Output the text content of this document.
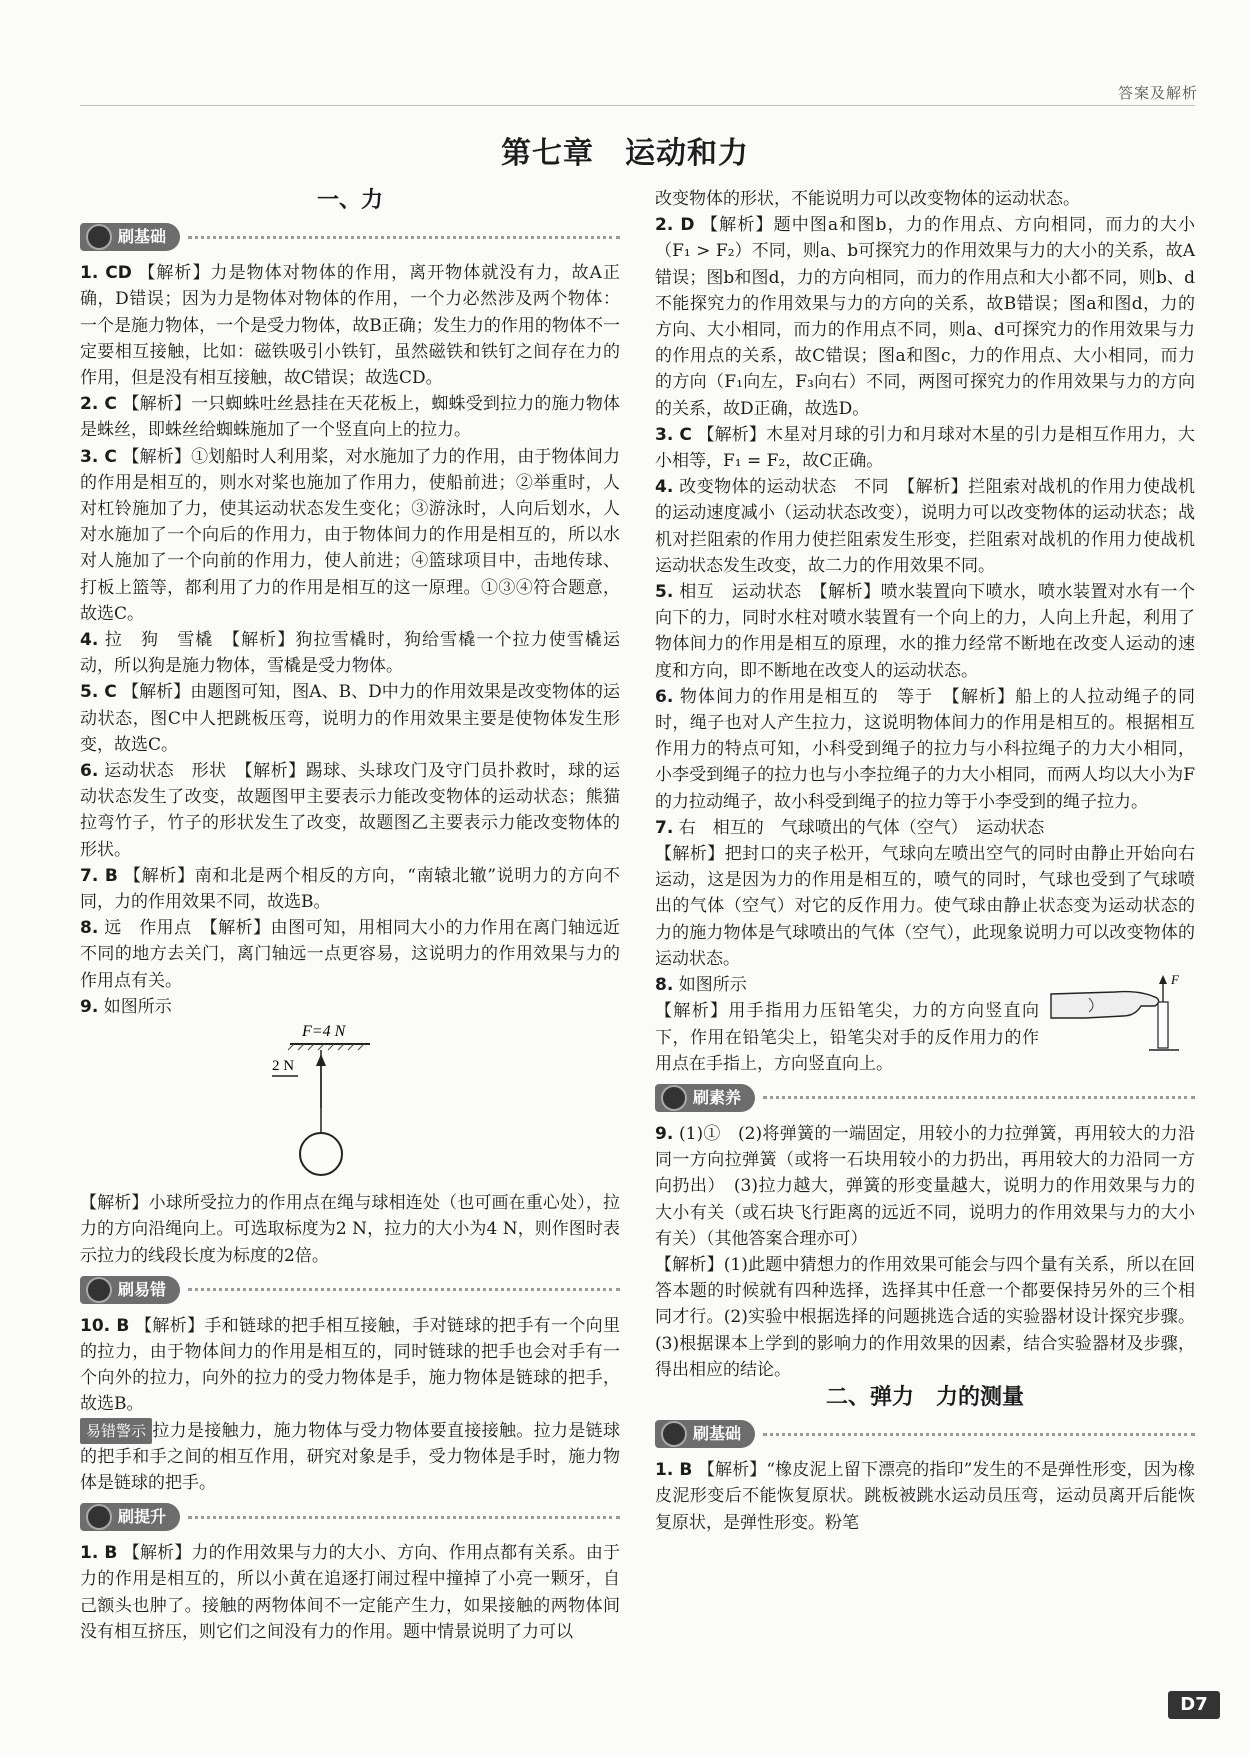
答案及解析
第七章　运动和力
一、力
刷基础

1. CD 【解析】力是物体对物体的作用，离开物体就没有力，故A正确，D错误；因为力是物体对物体的作用，一个力必然涉及两个物体：一个是施力物体，一个是受力物体，故B正确；发生力的作用的物体不一定要相互接触，比如：磁铁吸引小铁钉，虽然磁铁和铁钉之间存在力的作用，但是没有相互接触，故C错误；故选CD。

2. C 【解析】一只蜘蛛吐丝悬挂在天花板上，蜘蛛受到拉力的施力物体是蛛丝，即蛛丝给蜘蛛施加了一个竖直向上的拉力。

3. C 【解析】①划船时人利用桨，对水施加了力的作用，由于物体间力的作用是相互的，则水对桨也施加了作用力，使船前进；②举重时，人对杠铃施加了力，使其运动状态发生变化；③游泳时，人向后划水，人对水施加了一个向后的作用力，由于物体间力的作用是相互的，所以水对人施加了一个向前的作用力，使人前进；④篮球项目中，击地传球、打板上篮等，都利用了力的作用是相互的这一原理。①③④符合题意，故选C。

4. 拉　狗　雪橇　【解析】狗拉雪橇时，狗给雪橇一个拉力使雪橇运动，所以狗是施力物体，雪橇是受力物体。

5. C 【解析】由题图可知，图A、B、D中力的作用效果是改变物体的运动状态，图C中人把跳板压弯，说明力的作用效果主要是使物体发生形变，故选C。

6. 运动状态　形状　【解析】踢球、头球攻门及守门员扑救时，球的运动状态发生了改变，故题图甲主要表示力能改变物体的运动状态；熊猫拉弯竹子，竹子的形状发生了改变，故题图乙主要表示力能改变物体的形状。

7. B 【解析】南和北是两个相反的方向，“南辕北辙”说明力的方向不同，力的作用效果不同，故选B。

8. 远　作用点　【解析】由图可知，用相同大小的力作用在离门轴远近不同的地方去关门，离门轴远一点更容易，这说明力的作用效果与力的作用点有关。

9. 如图所示

F=4 N
2 N

【解析】小球所受拉力的作用点在绳与球相连处（也可画在重心处），拉力的方向沿绳向上。可选取标度为2 N，拉力的大小为4 N，则作图时表示拉力的线段长度为标度的2倍。

刷易错

10. B 【解析】手和链球的把手相互接触，手对链球的把手有一个向里的拉力，由于物体间力的作用是相互的，同时链球的把手也会对手有一个向外的拉力，向外的拉力的受力物体是手，施力物体是链球的把手，故选B。

易错警示 拉力是接触力，施力物体与受力物体要直接接触。拉力是链球的把手和手之间的相互作用，研究对象是手，受力物体是手时，施力物体是链球的把手。

刷提升

1. B 【解析】力的作用效果与力的大小、方向、作用点都有关系。由于力的作用是相互的，所以小黄在追逐打闹过程中撞掉了小亮一颗牙，自己额头也肿了。接触的两物体间不一定能产生力，如果接触的两物体间没有相互挤压，则它们之间没有力的作用。题中情景说明了力可以

改变物体的形状，不能说明力可以改变物体的运动状态。

2. D 【解析】题中图a和图b，力的作用点、方向相同，而力的大小（F₁ > F₂）不同，则a、b可探究力的作用效果与力的大小的关系，故A错误；图b和图d，力的方向相同，而力的作用点和大小都不同，则b、d不能探究力的作用效果与力的方向的关系，故B错误；图a和图d，力的方向、大小相同，而力的作用点不同，则a、d可探究力的作用效果与力的作用点的关系，故C错误；图a和图c，力的作用点、大小相同，而力的方向（F₁向左，F₃向右）不同，两图可探究力的作用效果与力的方向的关系，故D正确，故选D。

3. C 【解析】木星对月球的引力和月球对木星的引力是相互作用力，大小相等，F₁ = F₂，故C正确。

4. 改变物体的运动状态　不同　【解析】拦阻索对战机的作用力使战机的运动速度减小（运动状态改变），说明力可以改变物体的运动状态；战机对拦阻索的作用力使拦阻索发生形变，拦阻索对战机的作用力使战机运动状态发生改变，故二力的作用效果不同。

5. 相互　运动状态　【解析】喷水装置向下喷水，喷水装置对水有一个向下的力，同时水柱对喷水装置有一个向上的力，人向上升起，利用了物体间力的作用是相互的原理，水的推力经常不断地在改变人运动的速度和方向，即不断地在改变人的运动状态。

6. 物体间力的作用是相互的　等于　【解析】船上的人拉动绳子的同时，绳子也对人产生拉力，这说明物体间力的作用是相互的。根据相互作用力的特点可知，小科受到绳子的拉力与小科拉绳子的力大小相同，小李受到绳子的拉力也与小李拉绳子的力大小相同，而两人均以大小为F的力拉动绳子，故小科受到绳子的拉力等于小李受到的绳子拉力。

7. 右　相互的　气球喷出的气体（空气）　运动状态

【解析】把封口的夹子松开，气球向左喷出空气的同时由静止开始向右运动，这是因为力的作用是相互的，喷气的同时，气球也受到了气球喷出的气体（空气）对它的反作用力。使气球由静止状态变为运动状态的力的施力物体是气球喷出的气体（空气），此现象说明力可以改变物体的运动状态。

F

8. 如图所示

【解析】用手指用力压铅笔尖，力的方向竖直向下，作用在铅笔尖上，铅笔尖对手的反作用力的作用点在手指上，方向竖直向上。

刷素养

9. (1)①　(2)将弹簧的一端固定，用较小的力拉弹簧，再用较大的力沿同一方向拉弹簧（或将一石块用较小的力扔出，再用较大的力沿同一方向扔出）　(3)拉力越大，弹簧的形变量越大，说明力的作用效果与力的大小有关（或石块飞行距离的远近不同，说明力的作用效果与力的大小有关）（其他答案合理亦可）

【解析】(1)此题中猜想力的作用效果可能会与四个量有关系，所以在回答本题的时候就有四种选择，选择其中任意一个都要保持另外的三个相同才行。(2)实验中根据选择的问题挑选合适的实验器材设计探究步骤。(3)根据课本上学到的影响力的作用效果的因素，结合实验器材及步骤，得出相应的结论。

二、弹力　力的测量
刷基础

1. B 【解析】“橡皮泥上留下漂亮的指印”发生的不是弹性形变，因为橡皮泥形变后不能恢复原状。跳板被跳水运动员压弯，运动员离开后能恢复原状，是弹性形变。粉笔

D7
